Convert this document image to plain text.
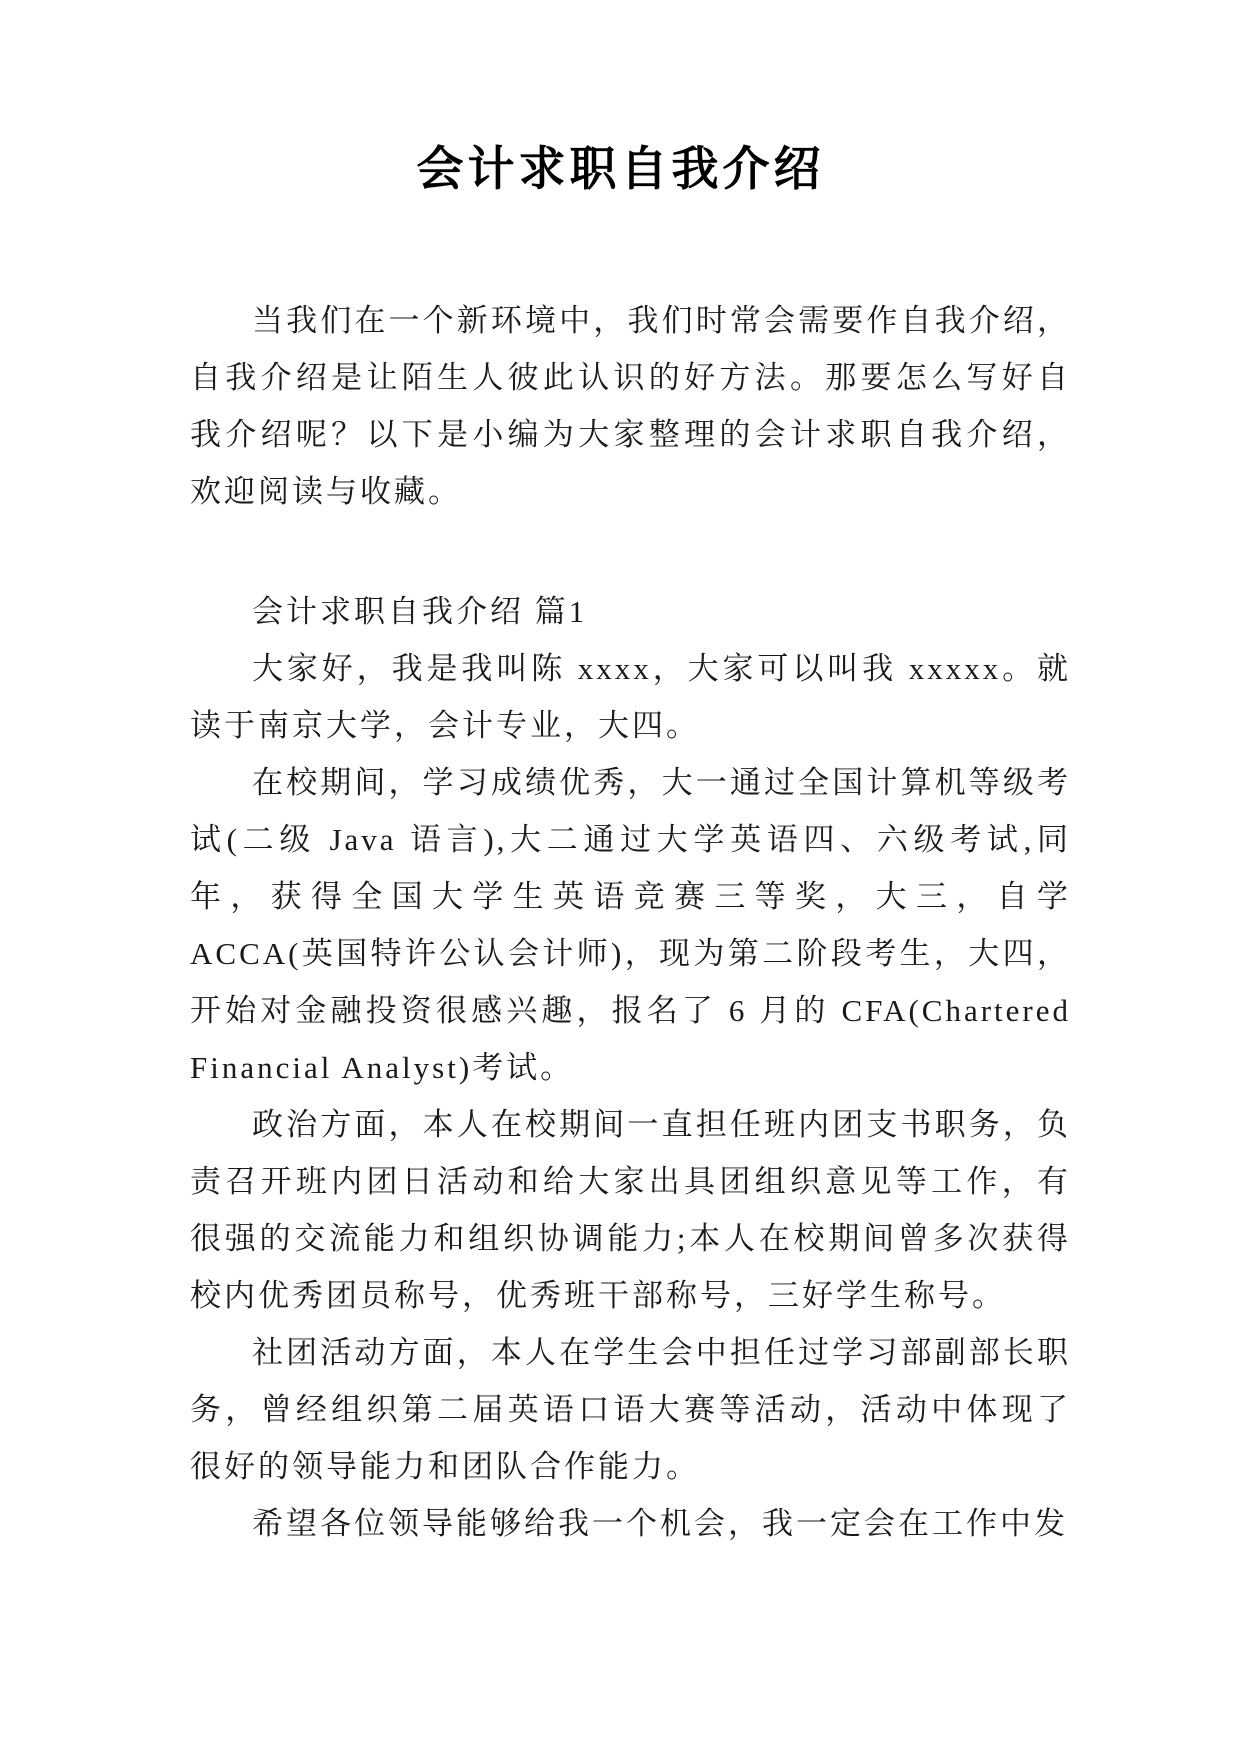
会计求职自我介绍

当我们在一个新环境中，我们时常会需要作自我介绍，自我介绍是让陌生人彼此认识的好方法。那要怎么写好自我介绍呢？以下是小编为大家整理的会计求职自我介绍，欢迎阅读与收藏。

会计求职自我介绍 篇1

大家好，我是我叫陈 xxxx，大家可以叫我 xxxxx。就读于南京大学，会计专业，大四。

在校期间，学习成绩优秀，大一通过全国计算机等级考试(二级 Java 语言),大二通过大学英语四、六级考试,同年，获得全国大学生英语竞赛三等奖，大三，自学 ACCA(英国特许公认会计师)，现为第二阶段考生，大四，开始对金融投资很感兴趣，报名了 6 月的 CFA(Chartered Financial Analyst)考试。

政治方面，本人在校期间一直担任班内团支书职务，负责召开班内团日活动和给大家出具团组织意见等工作，有很强的交流能力和组织协调能力;本人在校期间曾多次获得校内优秀团员称号，优秀班干部称号，三好学生称号。

社团活动方面，本人在学生会中担任过学习部副部长职务，曾经组织第二届英语口语大赛等活动，活动中体现了很好的领导能力和团队合作能力。

希望各位领导能够给我一个机会，我一定会在工作中发
